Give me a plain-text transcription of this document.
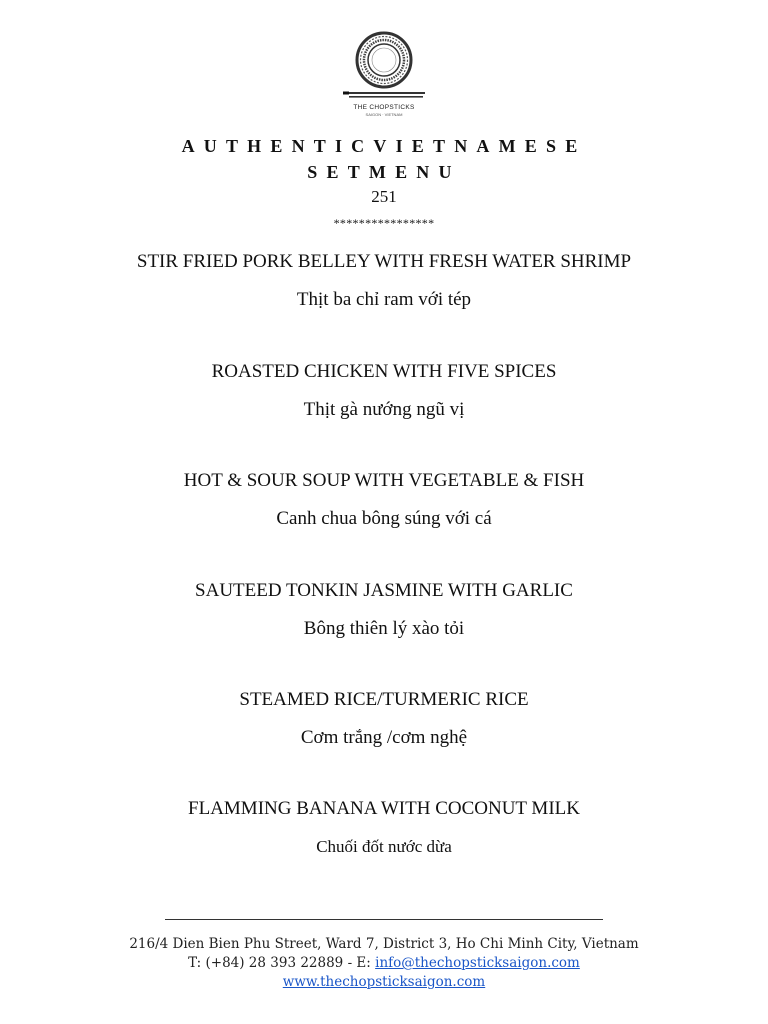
THE CHOPSTICKS
SAIGON · VIETNAM
AUTHENTICVIETNAMESE
SETMENU
251
****************
STIR FRIED PORK BELLEY WITH FRESH WATER SHRIMP
Thịt ba chỉ ram với tép
ROASTED CHICKEN WITH FIVE SPICES
Thịt gà nướng ngũ vị
HOT & SOUR SOUP WITH VEGETABLE & FISH
Canh chua bông súng với cá
SAUTEED TONKIN JASMINE WITH GARLIC
Bông thiên lý xào tỏi
STEAMED RICE/TURMERIC RICE
Cơm trắng /cơm nghệ
FLAMMING BANANA WITH COCONUT MILK
Chuối đốt nước dừa
216/4 Dien Bien Phu Street, Ward 7, District 3, Ho Chi Minh City, Vietnam
T: (+84) 28 393 22889 - E: info@thechopsticksaigon.com
www.thechopsticksaigon.com
